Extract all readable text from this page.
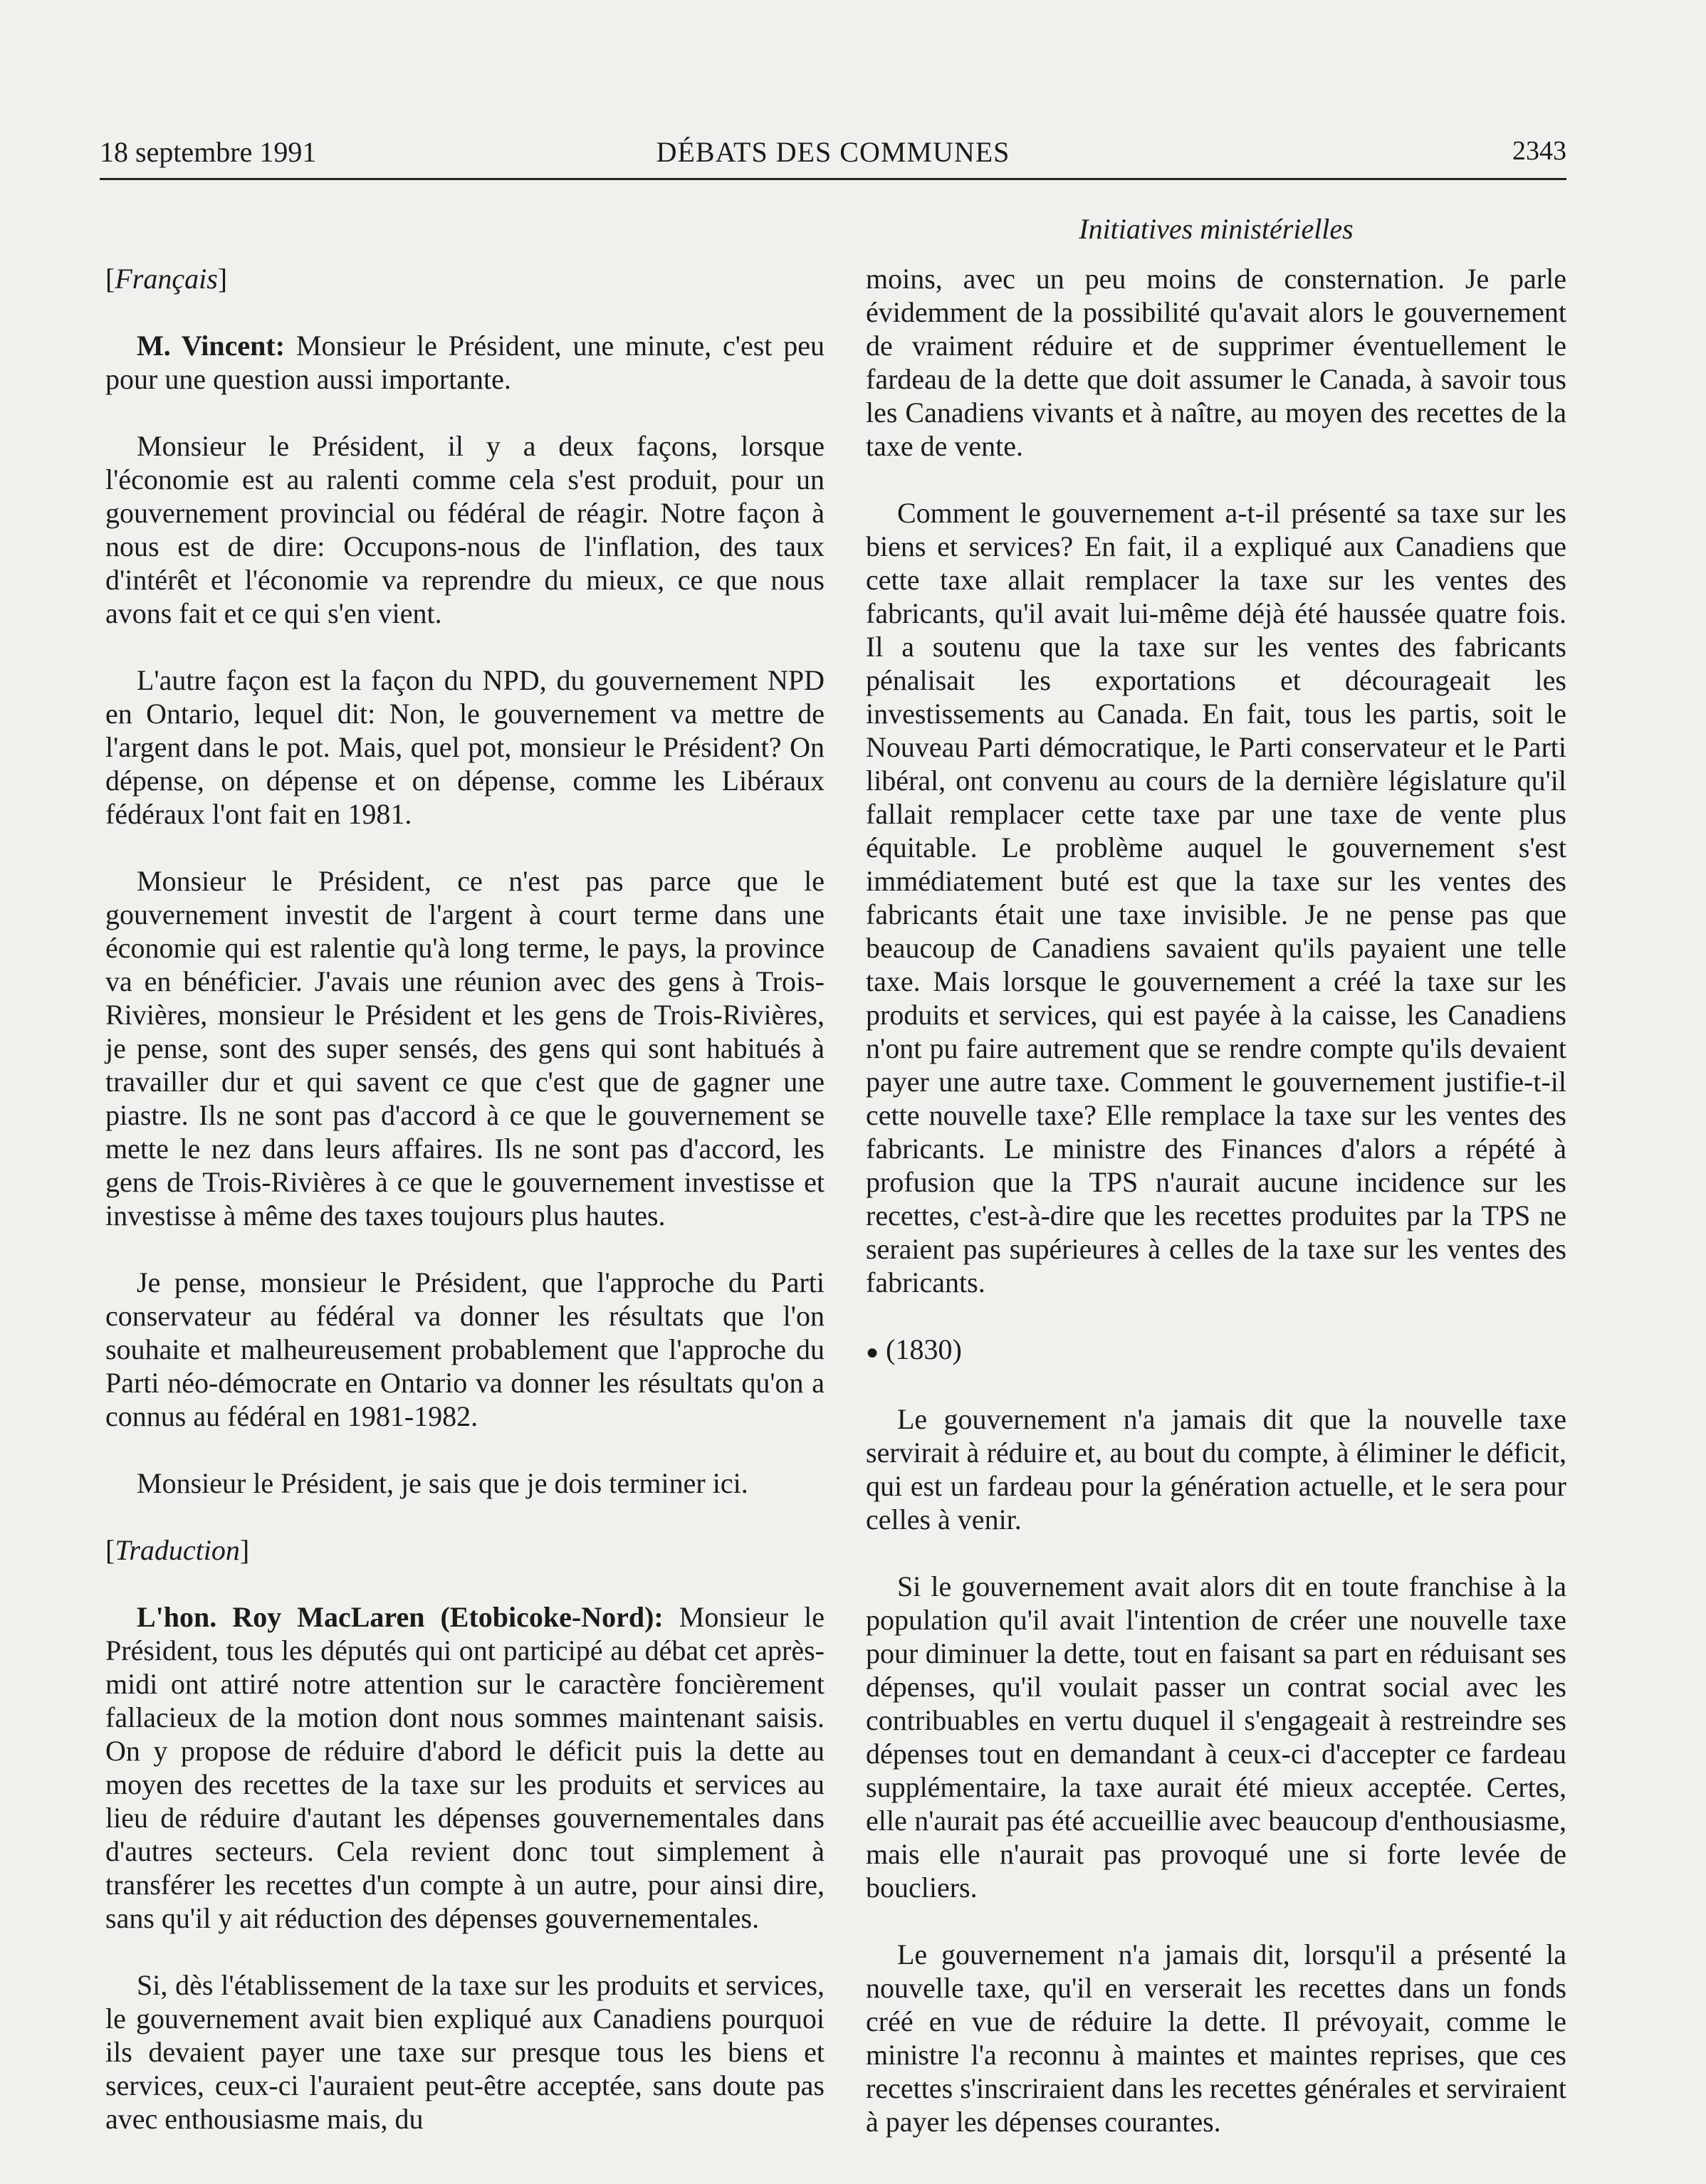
18 septembre 1991	DÉBATS DES COMMUNES	2343
Initiatives ministérielles

[Français]

M. Vincent: Monsieur le Président, une minute, c'est peu pour une question aussi importante.

Monsieur le Président, il y a deux façons, lorsque l'économie est au ralenti comme cela s'est produit, pour un gouvernement provincial ou fédéral de réagir. Notre façon à nous est de dire: Occupons-nous de l'inflation, des taux d'intérêt et l'économie va reprendre du mieux, ce que nous avons fait et ce qui s'en vient.

L'autre façon est la façon du NPD, du gouvernement NPD en Ontario, lequel dit: Non, le gouvernement va mettre de l'argent dans le pot. Mais, quel pot, monsieur le Président? On dépense, on dépense et on dépense, comme les Libéraux fédéraux l'ont fait en 1981.

Monsieur le Président, ce n'est pas parce que le gouvernement investit de l'argent à court terme dans une économie qui est ralentie qu'à long terme, le pays, la province va en bénéficier. J'avais une réunion avec des gens à Trois-Rivières, monsieur le Président et les gens de Trois-Rivières, je pense, sont des super sensés, des gens qui sont habitués à travailler dur et qui savent ce que c'est que de gagner une piastre. Ils ne sont pas d'accord à ce que le gouvernement se mette le nez dans leurs affaires. Ils ne sont pas d'accord, les gens de Trois-Rivières à ce que le gouvernement investisse et investisse à même des taxes toujours plus hautes.

Je pense, monsieur le Président, que l'approche du Parti conservateur au fédéral va donner les résultats que l'on souhaite et malheureusement probablement que l'approche du Parti néo-démocrate en Ontario va donner les résultats qu'on a connus au fédéral en 1981-1982.

Monsieur le Président, je sais que je dois terminer ici.

[Traduction]

L'hon. Roy MacLaren (Etobicoke-Nord): Monsieur le Président, tous les députés qui ont participé au débat cet après-midi ont attiré notre attention sur le caractère foncièrement fallacieux de la motion dont nous sommes maintenant saisis. On y propose de réduire d'abord le déficit puis la dette au moyen des recettes de la taxe sur les produits et services au lieu de réduire d'autant les dépenses gouvernementales dans d'autres secteurs. Cela revient donc tout simplement à transférer les recettes d'un compte à un autre, pour ainsi dire, sans qu'il y ait réduction des dépenses gouvernementales.

Si, dès l'établissement de la taxe sur les produits et services, le gouvernement avait bien expliqué aux Canadiens pourquoi ils devaient payer une taxe sur presque tous les biens et services, ceux-ci l'auraient peut-être acceptée, sans doute pas avec enthousiasme mais, du

moins, avec un peu moins de consternation. Je parle évidemment de la possibilité qu'avait alors le gouvernement de vraiment réduire et de supprimer éventuellement le fardeau de la dette que doit assumer le Canada, à savoir tous les Canadiens vivants et à naître, au moyen des recettes de la taxe de vente.

Comment le gouvernement a-t-il présenté sa taxe sur les biens et services? En fait, il a expliqué aux Canadiens que cette taxe allait remplacer la taxe sur les ventes des fabricants, qu'il avait lui-même déjà été haussée quatre fois. Il a soutenu que la taxe sur les ventes des fabricants pénalisait les exportations et décourageait les investissements au Canada. En fait, tous les partis, soit le Nouveau Parti démocratique, le Parti conservateur et le Parti libéral, ont convenu au cours de la dernière législature qu'il fallait remplacer cette taxe par une taxe de vente plus équitable. Le problème auquel le gouvernement s'est immédiatement buté est que la taxe sur les ventes des fabricants était une taxe invisible. Je ne pense pas que beaucoup de Canadiens savaient qu'ils payaient une telle taxe. Mais lorsque le gouvernement a créé la taxe sur les produits et services, qui est payée à la caisse, les Canadiens n'ont pu faire autrement que se rendre compte qu'ils devaient payer une autre taxe. Comment le gouvernement justifie-t-il cette nouvelle taxe? Elle remplace la taxe sur les ventes des fabricants. Le ministre des Finances d'alors a répété à profusion que la TPS n'aurait aucune incidence sur les recettes, c'est-à-dire que les recettes produites par la TPS ne seraient pas supérieures à celles de la taxe sur les ventes des fabricants.

● (1830)

Le gouvernement n'a jamais dit que la nouvelle taxe servirait à réduire et, au bout du compte, à éliminer le déficit, qui est un fardeau pour la génération actuelle, et le sera pour celles à venir.

Si le gouvernement avait alors dit en toute franchise à la population qu'il avait l'intention de créer une nouvelle taxe pour diminuer la dette, tout en faisant sa part en réduisant ses dépenses, qu'il voulait passer un contrat social avec les contribuables en vertu duquel il s'engageait à restreindre ses dépenses tout en demandant à ceux-ci d'accepter ce fardeau supplémentaire, la taxe aurait été mieux acceptée. Certes, elle n'aurait pas été accueillie avec beaucoup d'enthousiasme, mais elle n'aurait pas provoqué une si forte levée de boucliers.

Le gouvernement n'a jamais dit, lorsqu'il a présenté la nouvelle taxe, qu'il en verserait les recettes dans un fonds créé en vue de réduire la dette. Il prévoyait, comme le ministre l'a reconnu à maintes et maintes reprises, que ces recettes s'inscriraient dans les recettes générales et serviraient à payer les dépenses courantes.
